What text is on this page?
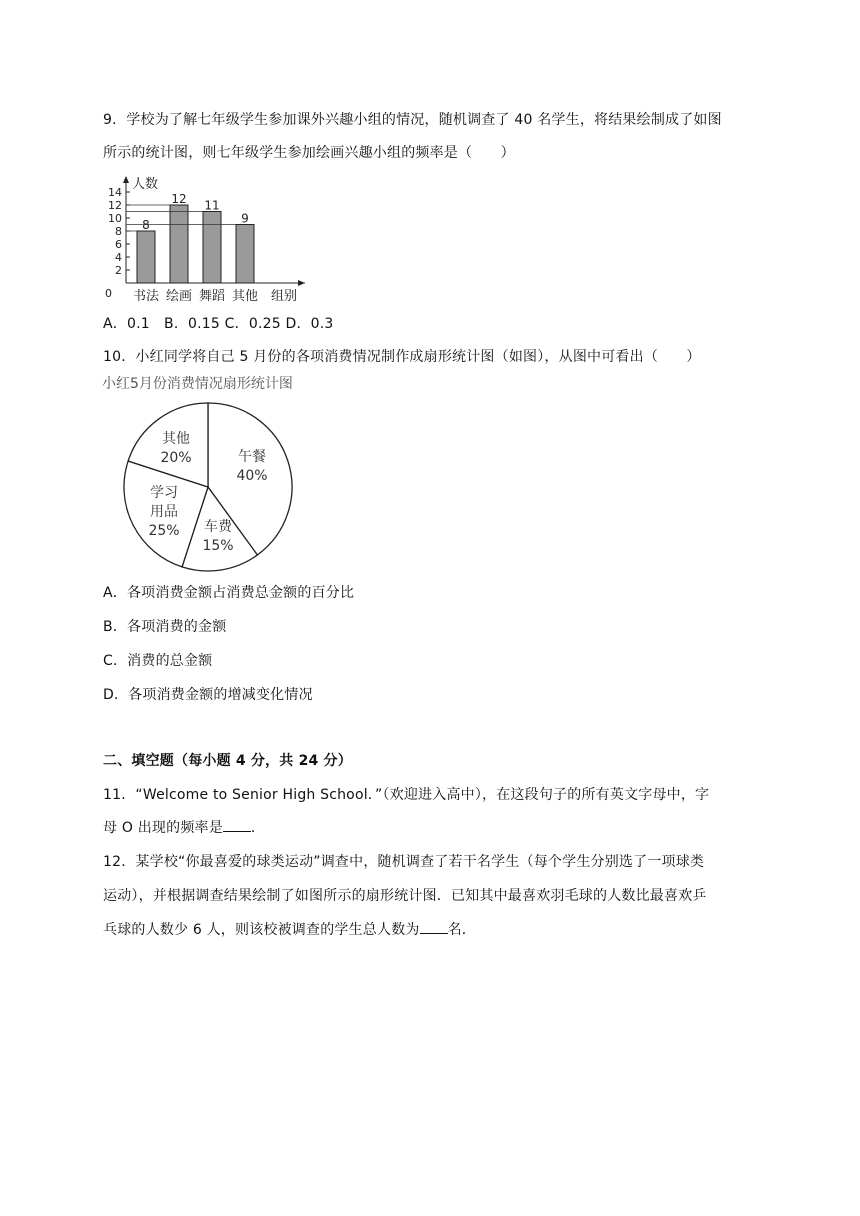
9．学校为了解七年级学生参加课外兴趣小组的情况，随机调查了 40 名学生，将结果绘制成了如图
所示的统计图，则七年级学生参加绘画兴趣小组的频率是（　　）
0
2
4
6
8
10
12
14
人数
组别
8
书法
12
绘画
11
舞蹈
9
其他
A．0.1　B．0.15 C．0.25 D．0.3
10．小红同学将自己 5 月份的各项消费情况制作成扇形统计图（如图），从图中可看出（　　）
小红5月份消费情况扇形统计图
午餐
40%
车费
15%
学习
用品
25%
其他
20%
A．各项消费金额占消费总金额的百分比
B．各项消费的金额
C．消费的总金额
D．各项消费金额的增减变化情况
二、填空题（每小题 4 分，共 24 分）
11．“Welcome to Senior High School．”（欢迎进入高中），在这段句子的所有英文字母中，字
母 O 出现的频率是 ．
12．某学校“你最喜爱的球类运动”调查中，随机调查了若干名学生（每个学生分别选了一项球类
运动），并根据调查结果绘制了如图所示的扇形统计图．已知其中最喜欢羽毛球的人数比最喜欢乒
乓球的人数少 6 人，则该校被调查的学生总人数为 名．
